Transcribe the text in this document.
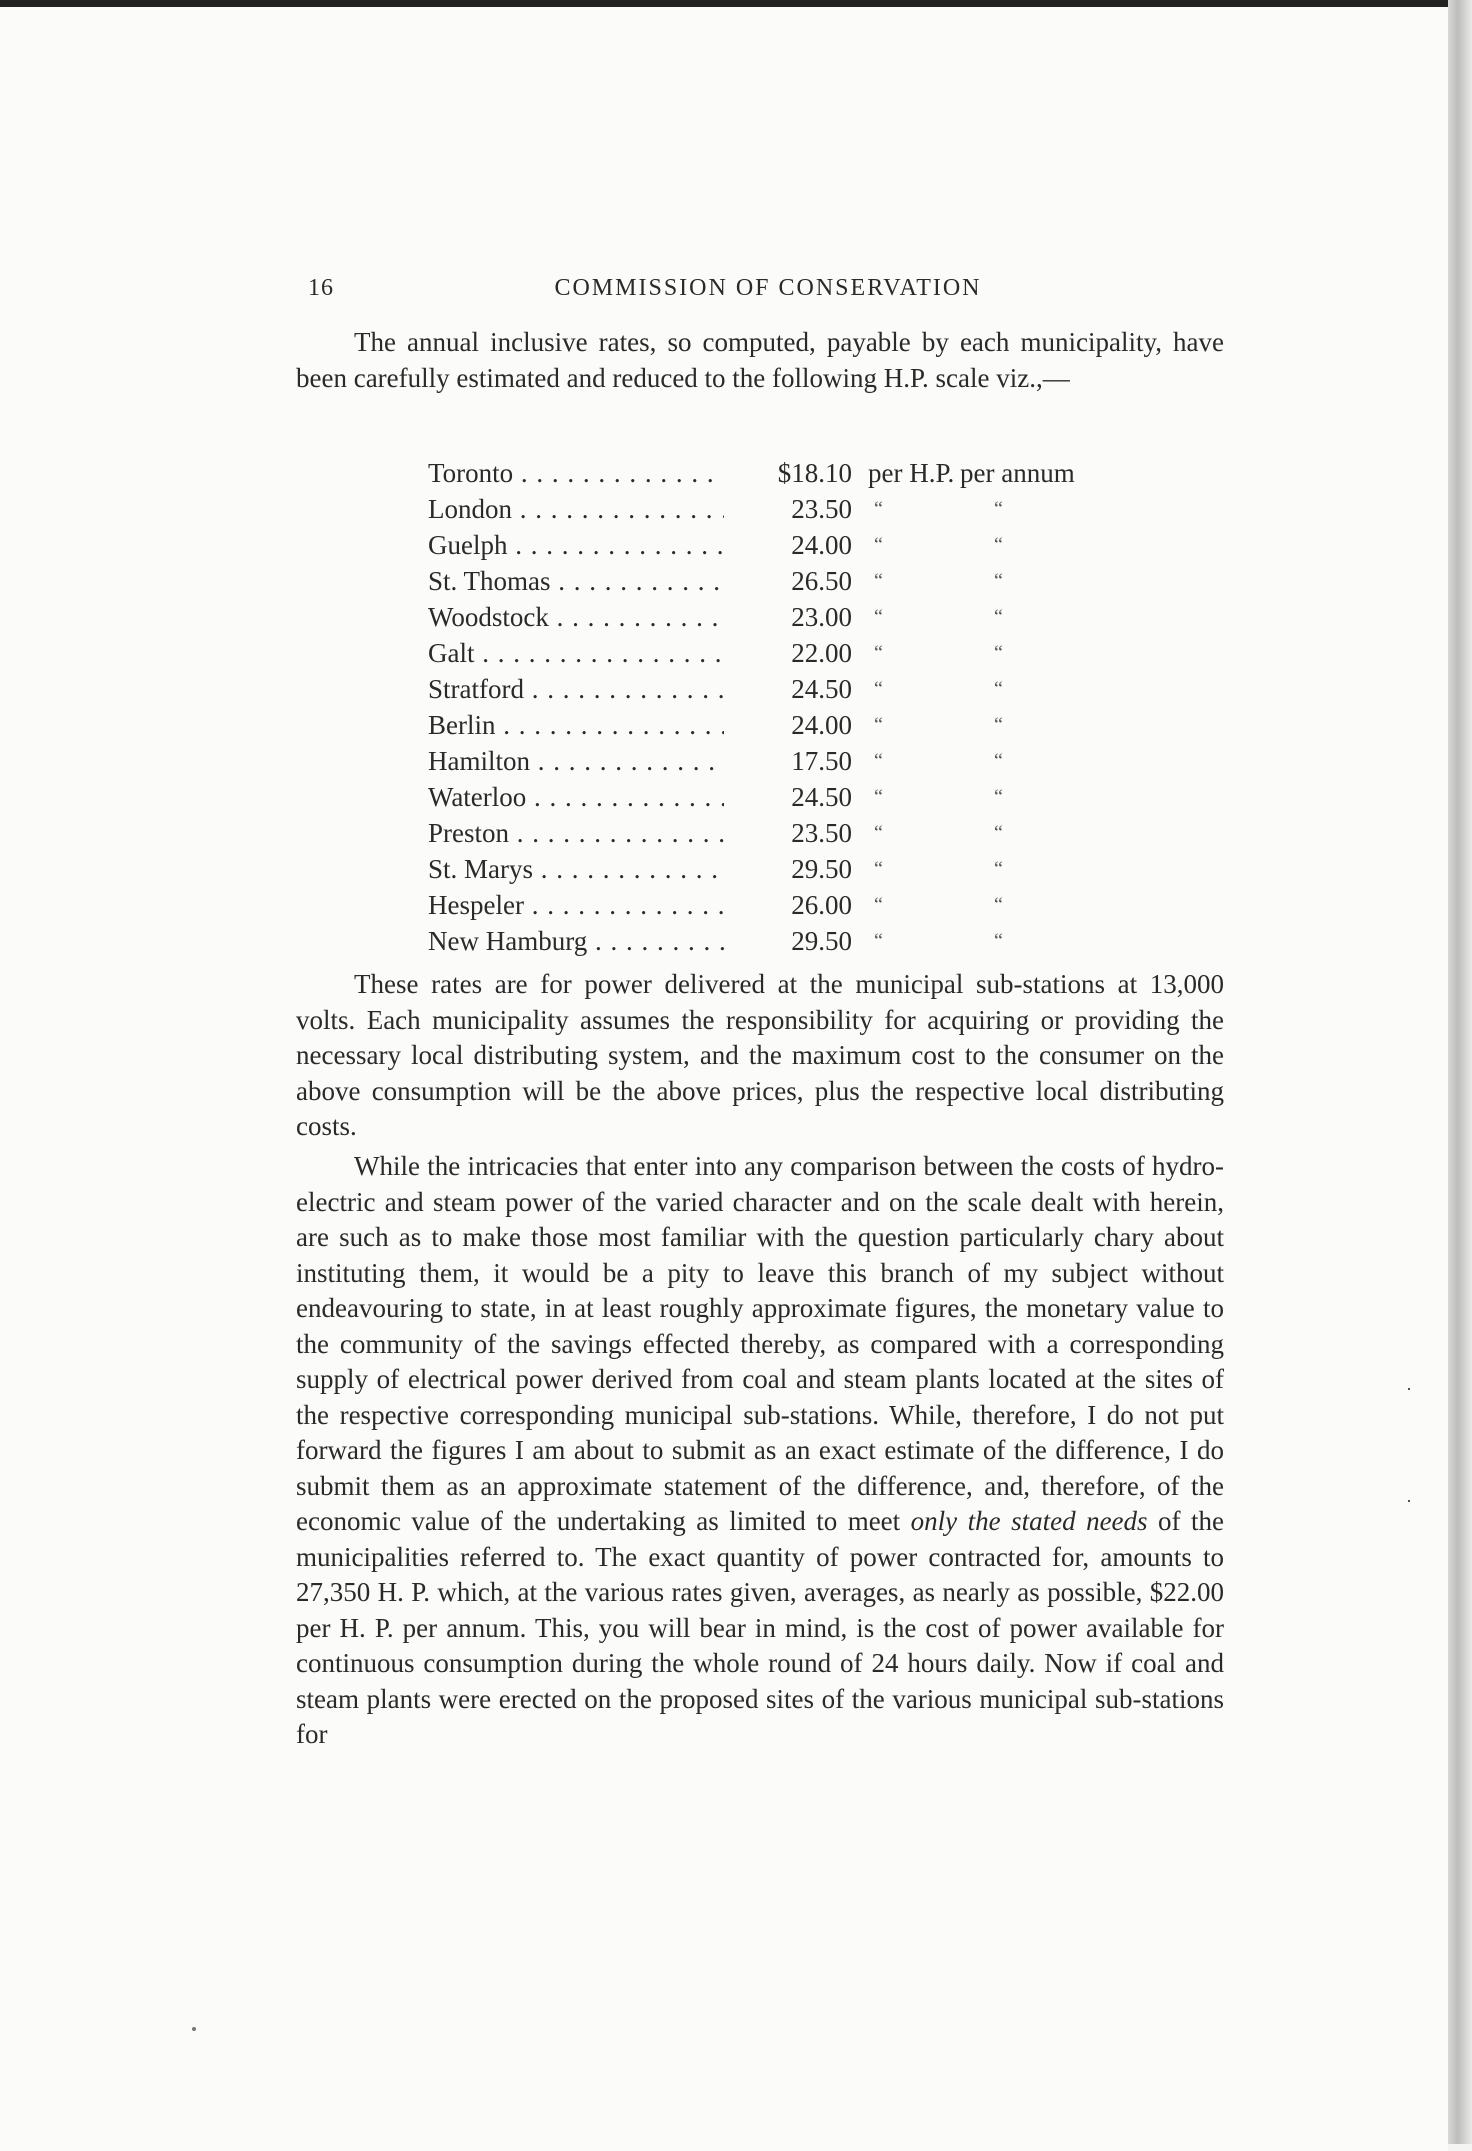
16	COMMISSION OF CONSERVATION
The annual inclusive rates, so computed, payable by each municipality, have been carefully estimated and reduced to the following H.P. scale viz.,—
Toronto . . .	$18.10 per H.P. per annum
London . . .	23.50 “	“
Guelph . . .	24.00 “	“
St. Thomas . . .	26.50 “	“
Woodstock . . .	23.00 “	“
Galt . . .	22.00 “	“
Stratford . . .	24.50 “	“
Berlin . . .	24.00 “	“
Hamilton . . .	17.50 “	“
Waterloo . . .	24.50 “	“
Preston . . .	23.50 “	“
St. Marys . . .	29.50 “	“
Hespeler . . .	26.00 “	“
New Hamburg . . .	29.50 “	“
These rates are for power delivered at the municipal sub-stations at 13,000 volts. Each municipality assumes the responsibility for acquiring or providing the necessary local distributing system, and the maximum cost to the consumer on the above consumption will be the above prices, plus the respective local distributing costs.
While the intricacies that enter into any comparison between the costs of hydro-electric and steam power of the varied character and on the scale dealt with herein, are such as to make those most familiar with the question particularly chary about instituting them, it would be a pity to leave this branch of my subject without endeavouring to state, in at least roughly approximate figures, the monetary value to the community of the savings effected thereby, as compared with a corresponding supply of electrical power derived from coal and steam plants located at the sites of the respective corresponding municipal sub-stations. While, therefore, I do not put forward the figures I am about to submit as an exact estimate of the difference, I do submit them as an approximate statement of the difference, and, therefore, of the economic value of the undertaking as limited to meet only the stated needs of the municipalities referred to. The exact quantity of power contracted for, amounts to 27,350 H. P. which, at the various rates given, averages, as nearly as possible, $22.00 per H. P. per annum. This, you will bear in mind, is the cost of power available for continuous consumption during the whole round of 24 hours daily. Now if coal and steam plants were erected on the proposed sites of the various municipal sub-stations for
·
·
